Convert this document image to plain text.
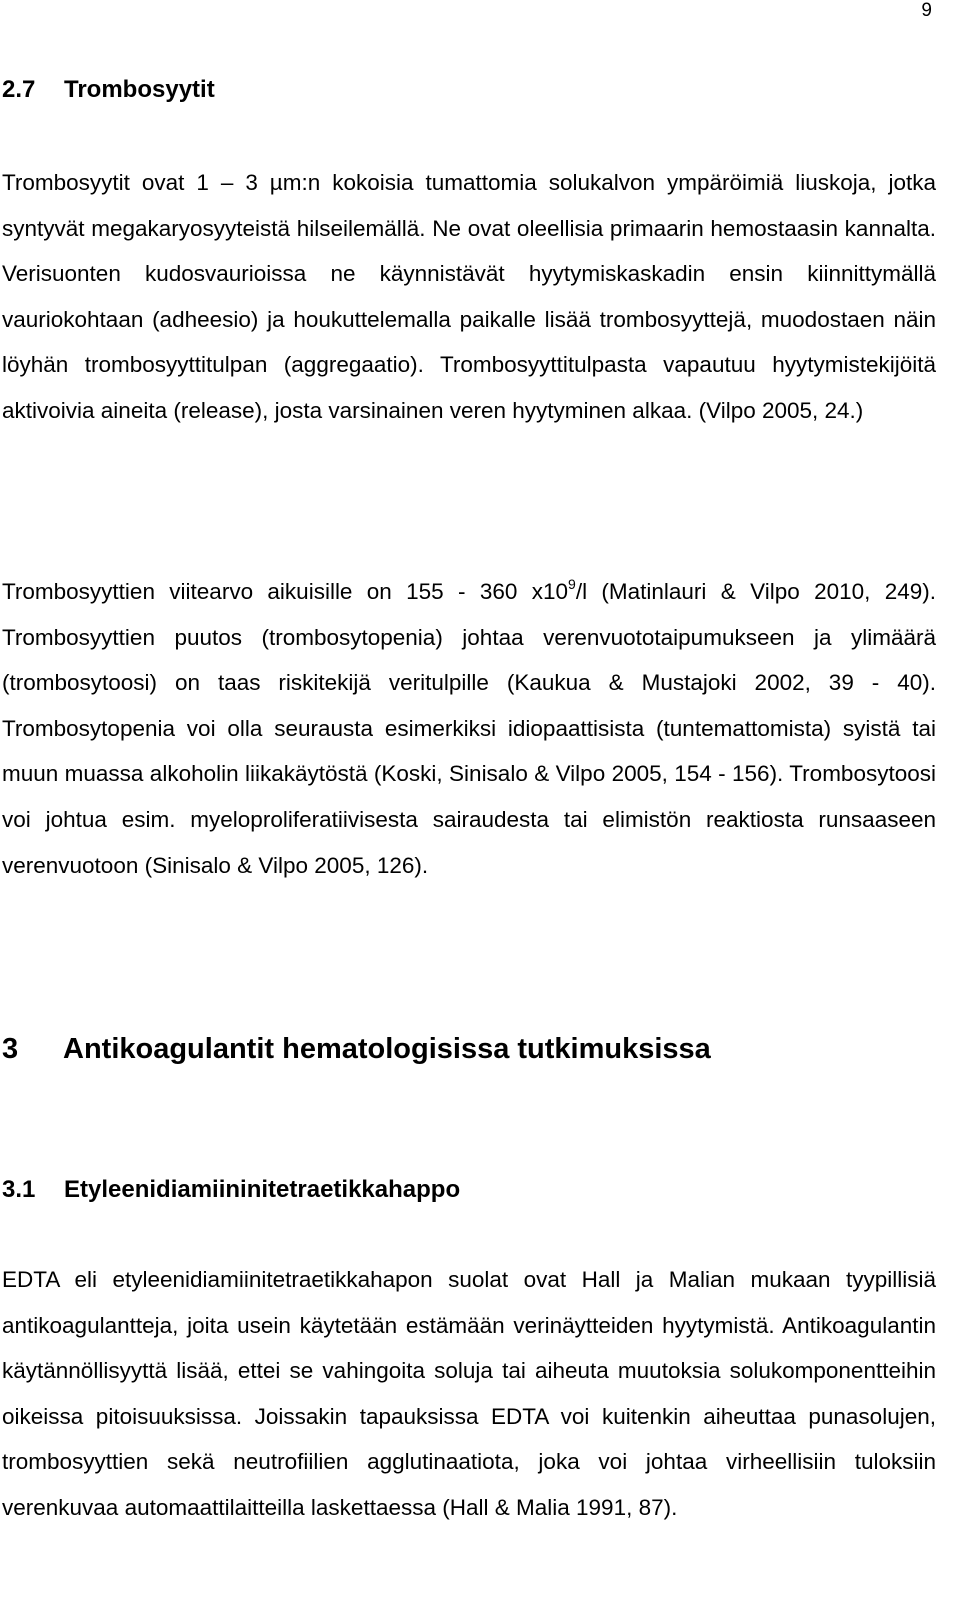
9
2.7 Trombosyytit

Trombosyytit ovat 1 – 3 µm:n kokoisia tumattomia solukalvon ympäröimiä liuskoja, jotka syntyvät megakaryosyyteistä hilseilemällä. Ne ovat oleellisia primaarin hemostaasin kannalta. Verisuonten kudosvaurioissa ne käynnistävät hyytymiskaskadin ensin kiinnittymällä vauriokohtaan (adheesio) ja houkuttelemalla paikalle lisää trombosyyttejä, muodostaen näin löyhän trombosyyttitulpan (aggregaatio). Trombosyyttitulpasta vapautuu hyytymistekijöitä aktivoivia aineita (release), josta varsinainen veren hyytyminen alkaa. (Vilpo 2005, 24.)

Trombosyyttien viitearvo aikuisille on 155 - 360 $x10^9/l$ (Matinlauri & Vilpo 2010, 249). Trombosyyttien puutos (trombosytopenia) johtaa verenvuototaipumukseen ja ylimäärä (trombosytoosi) on taas riskitekijä veritulpille (Kaukua & Mustajoki 2002, 39 - 40). Trombosytopenia voi olla seurausta esimerkiksi idiopaattisista (tuntemattomista) syistä tai muun muassa alkoholin liikakäytöstä (Koski, Sinisalo & Vilpo 2005, 154 - 156). Trombosytoosi voi johtua esim. myeloproliferatiivisesta sairaudesta tai elimistön reaktiosta runsaaseen verenvuotoon (Sinisalo & Vilpo 2005, 126).

3 Antikoagulantit hematologisissa tutkimuksissa
3.1 Etyleenidiamiininitetraetikkahappo

EDTA eli etyleenidiamiinitetraetikkahapon suolat ovat Hall ja Malian mukaan tyypillisiä antikoagulantteja, joita usein käytetään estämään verinäytteiden hyytymistä. Antikoagulantin käytännöllisyyttä lisää, ettei se vahingoita soluja tai aiheuta muutoksia solukomponentteihin oikeissa pitoisuuksissa. Joissakin tapauksissa EDTA voi kuitenkin aiheuttaa punasolujen, trombosyyttien sekä neutrofiilien agglutinaatiota, joka voi johtaa virheellisiin tuloksiin verenkuvaa automaattilaitteilla laskettaessa (Hall & Malia 1991, 87).
